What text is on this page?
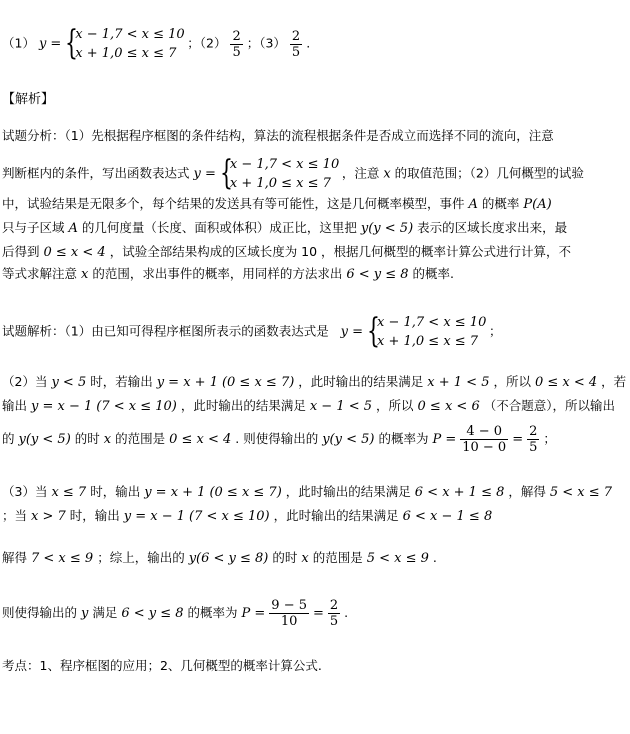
（1） y = {
x − 1,7 < x ≤ 10
x + 1,0 ≤ x ≤ 7
；$(2) \frac{2}{5}$ ；$(3) \frac{2}{5}$ .
【解析】
试题分析：（1）先根据程序框图的条件结构，算法的流程根据条件是否成立而选择不同的流向，注意
判断框内的条件，写出函数表达式 y = {
x − 1,7 < x ≤ 10
x + 1,0 ≤ x ≤ 7
，注意 x 的取值范围；（2）几何概型的试验
中，试验结果是无限多个，每个结果的发送具有等可能性，这是几何概率模型，事件 A 的概率 P(A)
只与子区域 A 的几何度量（长度、面积或体积）成正比，这里把 y(y < 5) 表示的区域长度求出来，最
后得到 0 ≤ x < 4 ，试验全部结果构成的区域长度为 10 ，根据几何概型的概率计算公式进行计算，不
等式求解注意 x 的范围，求出事件的概率，用同样的方法求出 6 < y ≤ 8 的概率.
试题解析：（1）由已知可得程序框图所表示的函数表达式是 y = {
x − 1,7 < x ≤ 10
x + 1,0 ≤ x ≤ 7
；
（2）当 y < 5 时，若输出 y = x + 1 (0 ≤ x ≤ 7) ，此时输出的结果满足 x + 1 < 5 ，所以 0 ≤ x < 4 ，若
输出 y = x − 1 (7 < x ≤ 10) ，此时输出的结果满足 x − 1 < 5 ，所以 0 ≤ x < 6 （不合题意），所以输出
的 y(y < 5) 的时 x 的范围是 0 ≤ x < 4 . 则使得输出的 y(y < 5) 的概率为 $P = \frac{4 - 0}{10 - 0} = \frac{2}{5}$ ；
（3）当 x ≤ 7 时，输出 y = x + 1 (0 ≤ x ≤ 7) ，此时输出的结果满足 6 < x + 1 ≤ 8 ，解得 5 < x ≤ 7
；当 x > 7 时，输出 y = x − 1 (7 < x ≤ 10) ，此时输出的结果满足 6 < x − 1 ≤ 8
解得 7 < x ≤ 9 ；综上，输出的 y(6 < y ≤ 8) 的时 x 的范围是 5 < x ≤ 9 .
则使得输出的 y 满足 6 < y ≤ 8 的概率为 $P = \frac{9 - 5}{10} = \frac{2}{5}$ .
考点：1、程序框图的应用；2、几何概型的概率计算公式.
